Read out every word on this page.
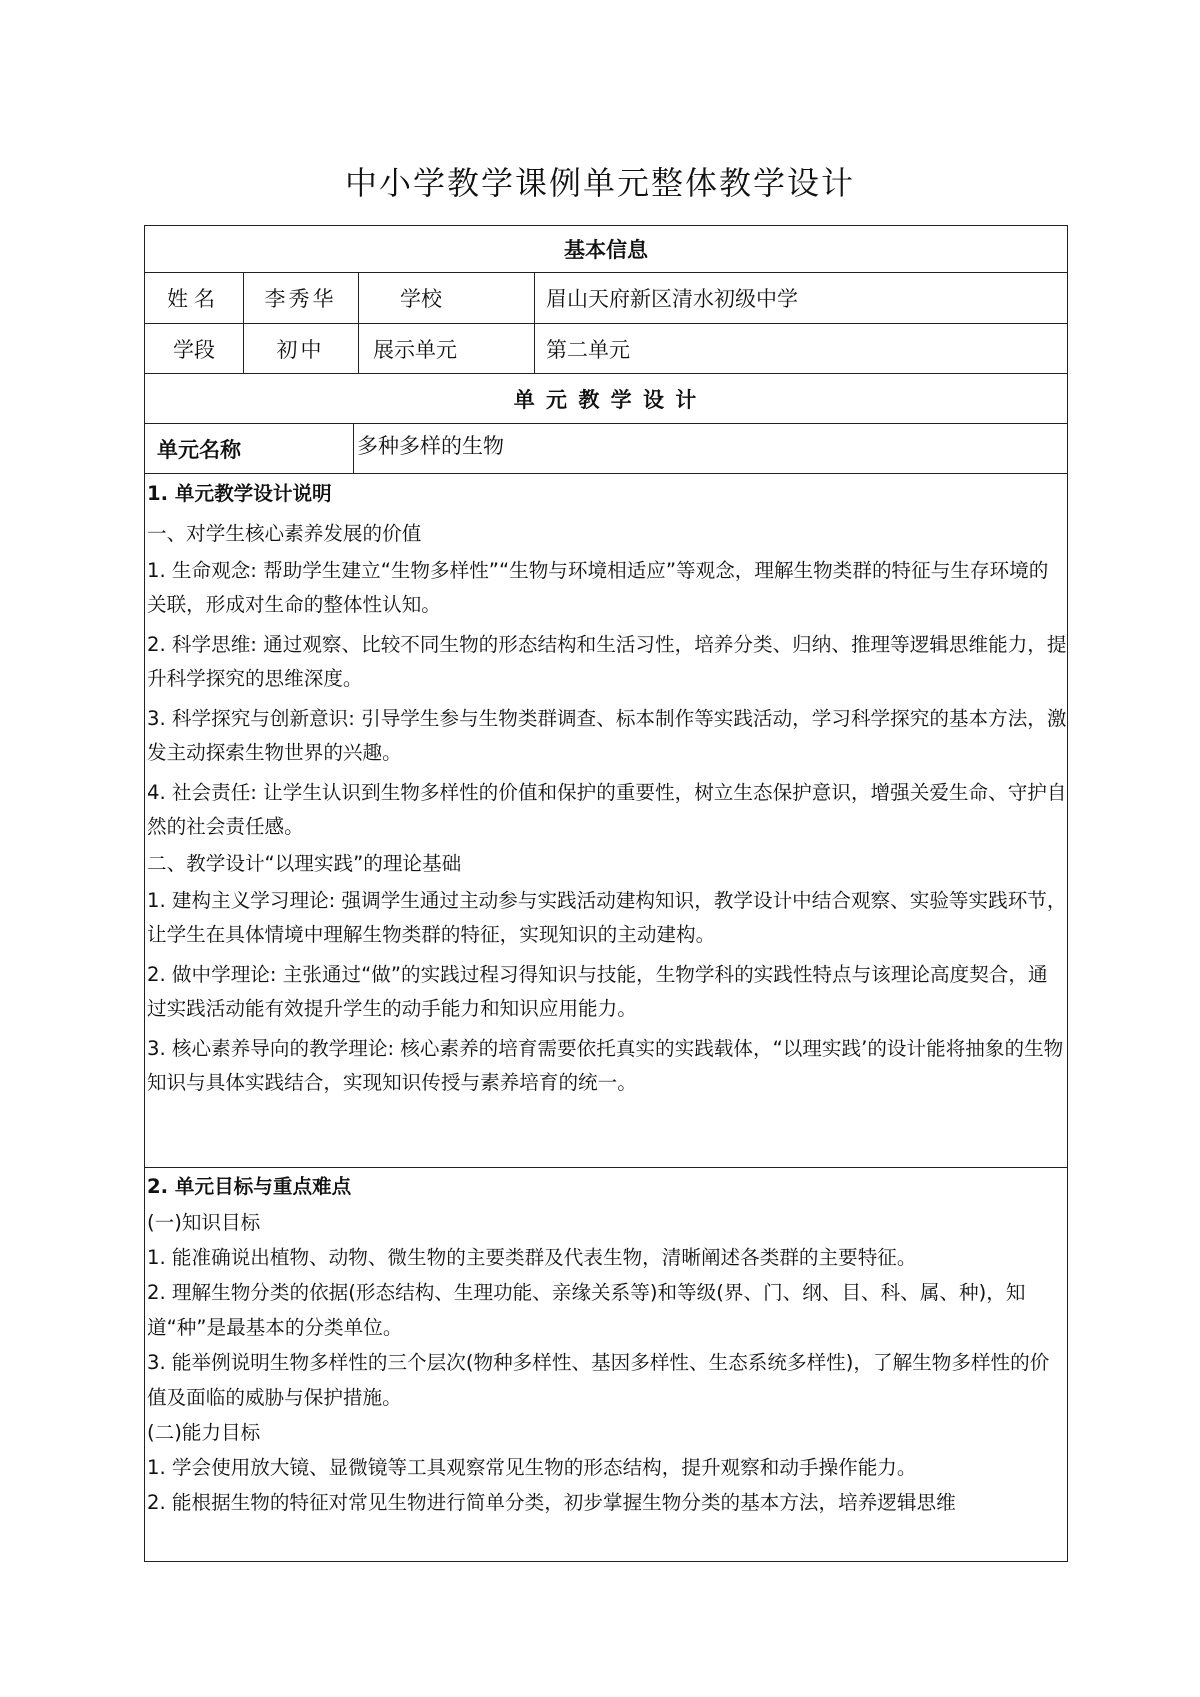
中小学教学课例单元整体教学设计
基本信息
姓名	李秀华	学校	眉山天府新区清水初级中学
学段	初中	展示单元	第二单元
单 元 教 学 设 计
单元名称	多种多样的生物

1. 单元教学设计说明

一、对学生核心素养发展的价值

1. 生命观念: 帮助学生建立“生物多样性”“生物与环境相适应”等观念，理解生物类群的特征与生存环境的关联，形成对生命的整体性认知。

2. 科学思维: 通过观察、比较不同生物的形态结构和生活习性，培养分类、归纳、推理等逻辑思维能力，提升科学探究的思维深度。

3. 科学探究与创新意识: 引导学生参与生物类群调查、标本制作等实践活动，学习科学探究的基本方法，激发主动探索生物世界的兴趣。

4. 社会责任: 让学生认识到生物多样性的价值和保护的重要性，树立生态保护意识，增强关爱生命、守护自然的社会责任感。

二、教学设计“以理实践”的理论基础

1. 建构主义学习理论: 强调学生通过主动参与实践活动建构知识，教学设计中结合观察、实验等实践环节，让学生在具体情境中理解生物类群的特征，实现知识的主动建构。

2. 做中学理论: 主张通过“做”的实践过程习得知识与技能，生物学科的实践性特点与该理论高度契合，通过实践活动能有效提升学生的动手能力和知识应用能力。

3. 核心素养导向的教学理论: 核心素养的培育需要依托真实的实践载体，“以理实践’的设计能将抽象的生物知识与具体实践结合，实现知识传授与素养培育的统一。

2. 单元目标与重点难点

(一)知识目标

1. 能准确说出植物、动物、微生物的主要类群及代表生物，清晰阐述各类群的主要特征。

2. 理解生物分类的依据(形态结构、生理功能、亲缘关系等)和等级(界、门、纲、目、科、属、种)，知道“种”是最基本的分类单位。

3. 能举例说明生物多样性的三个层次(物种多样性、基因多样性、生态系统多样性)，了解生物多样性的价值及面临的威胁与保护措施。

(二)能力目标

1. 学会使用放大镜、显微镜等工具观察常见生物的形态结构，提升观察和动手操作能力。

2. 能根据生物的特征对常见生物进行简单分类，初步掌握生物分类的基本方法，培养逻辑思维
